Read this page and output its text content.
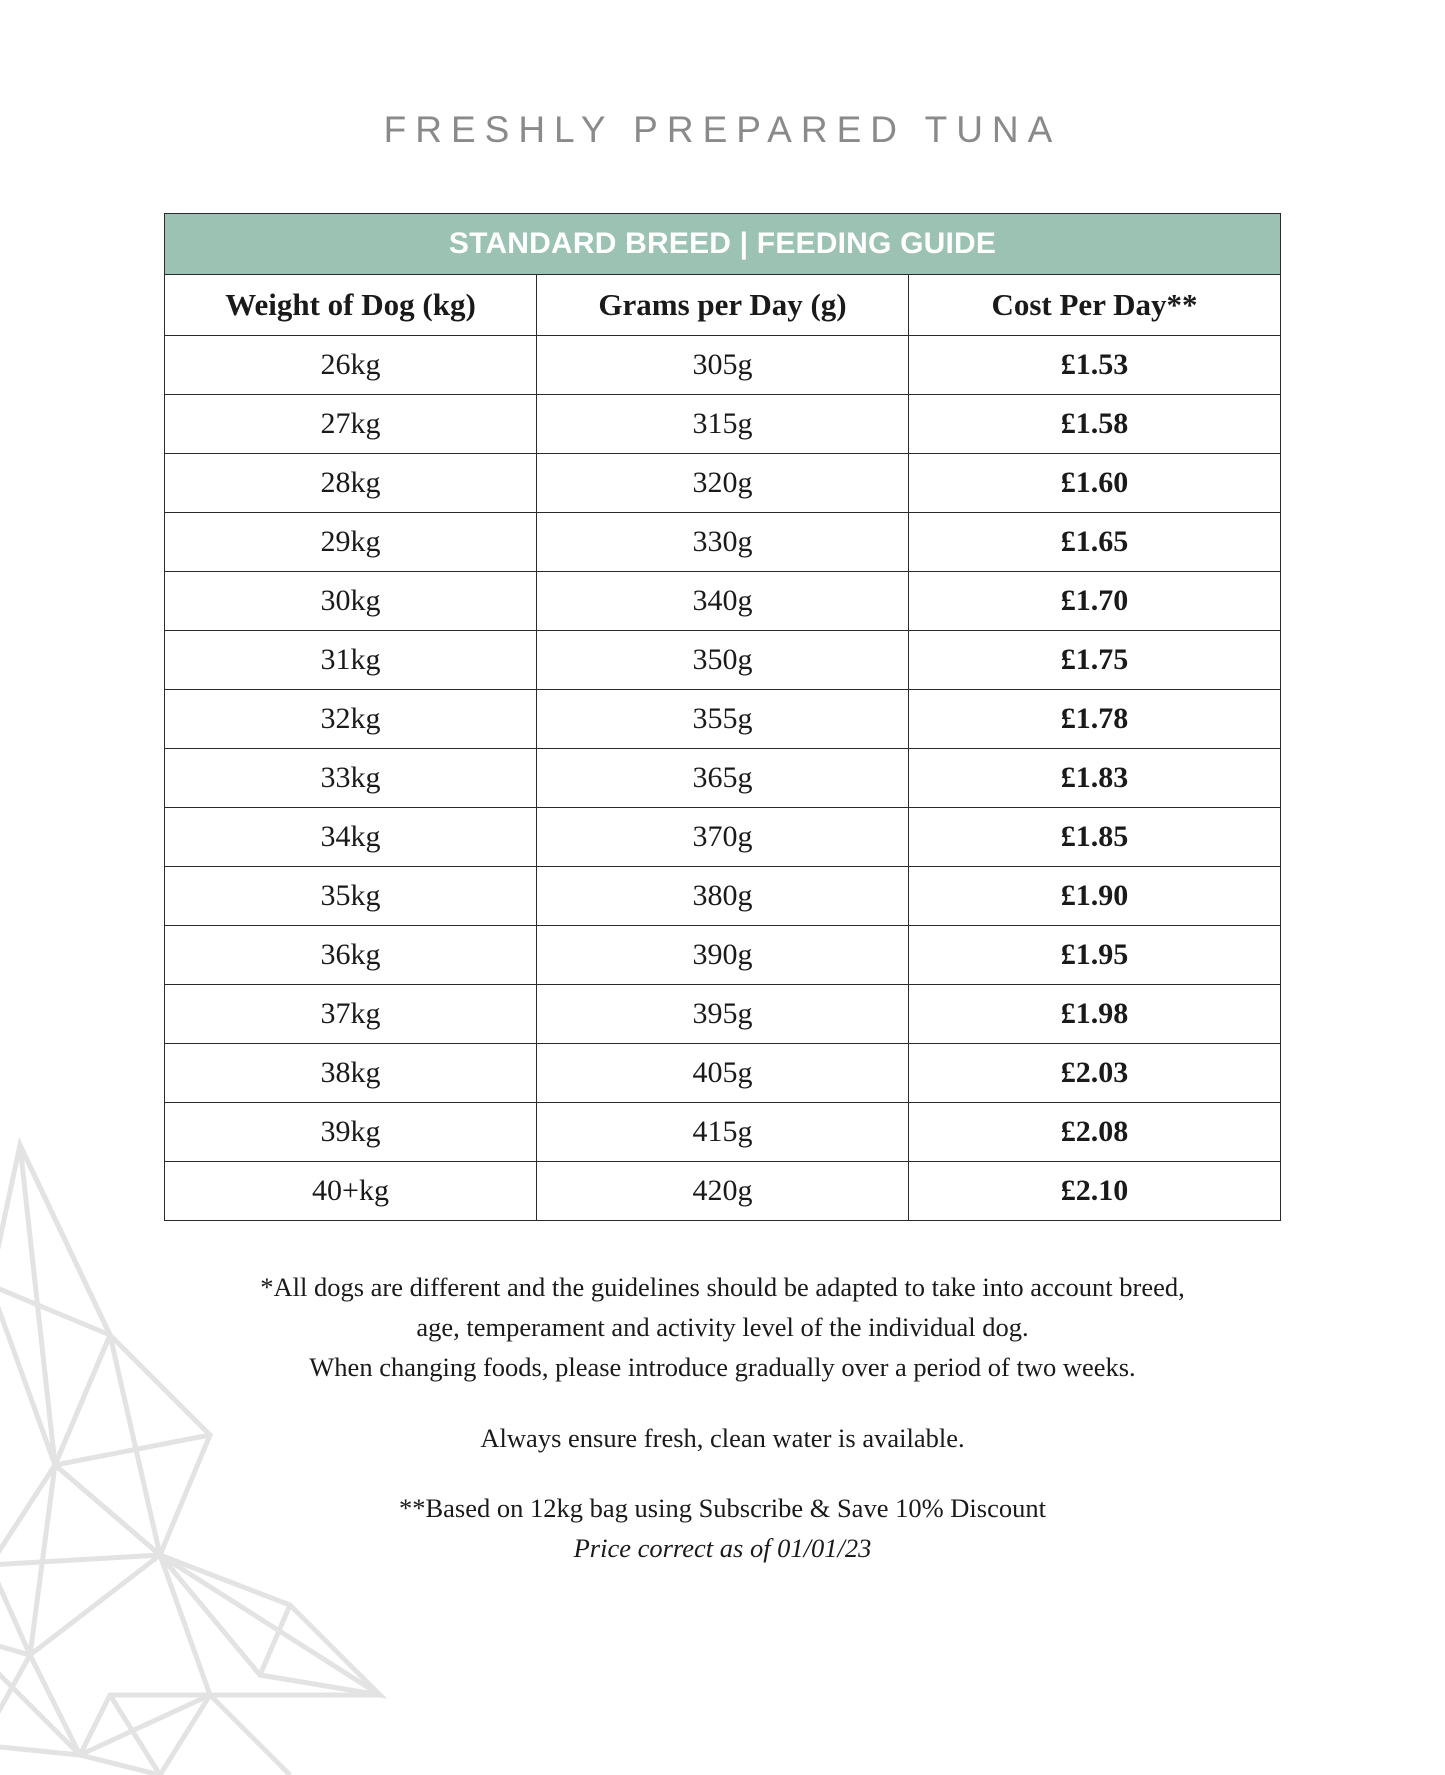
FRESHLY PREPARED TUNA
STANDARD BREED | FEEDING GUIDE		
Weight of Dog (kg)	Grams per Day (g)	Cost Per Day**
26kg	305g	£1.53
27kg	315g	£1.58
28kg	320g	£1.60
29kg	330g	£1.65
30kg	340g	£1.70
31kg	350g	£1.75
32kg	355g	£1.78
33kg	365g	£1.83
34kg	370g	£1.85
35kg	380g	£1.90
36kg	390g	£1.95
37kg	395g	£1.98
38kg	405g	£2.03
39kg	415g	£2.08
40+kg	420g	£2.10

*All dogs are different and the guidelines should be adapted to take into account breed,

age, temperament and activity level of the individual dog.

When changing foods, please introduce gradually over a period of two weeks.

Always ensure fresh, clean water is available.

**Based on 12kg bag using Subscribe & Save 10% Discount

Price correct as of 01/01/23
